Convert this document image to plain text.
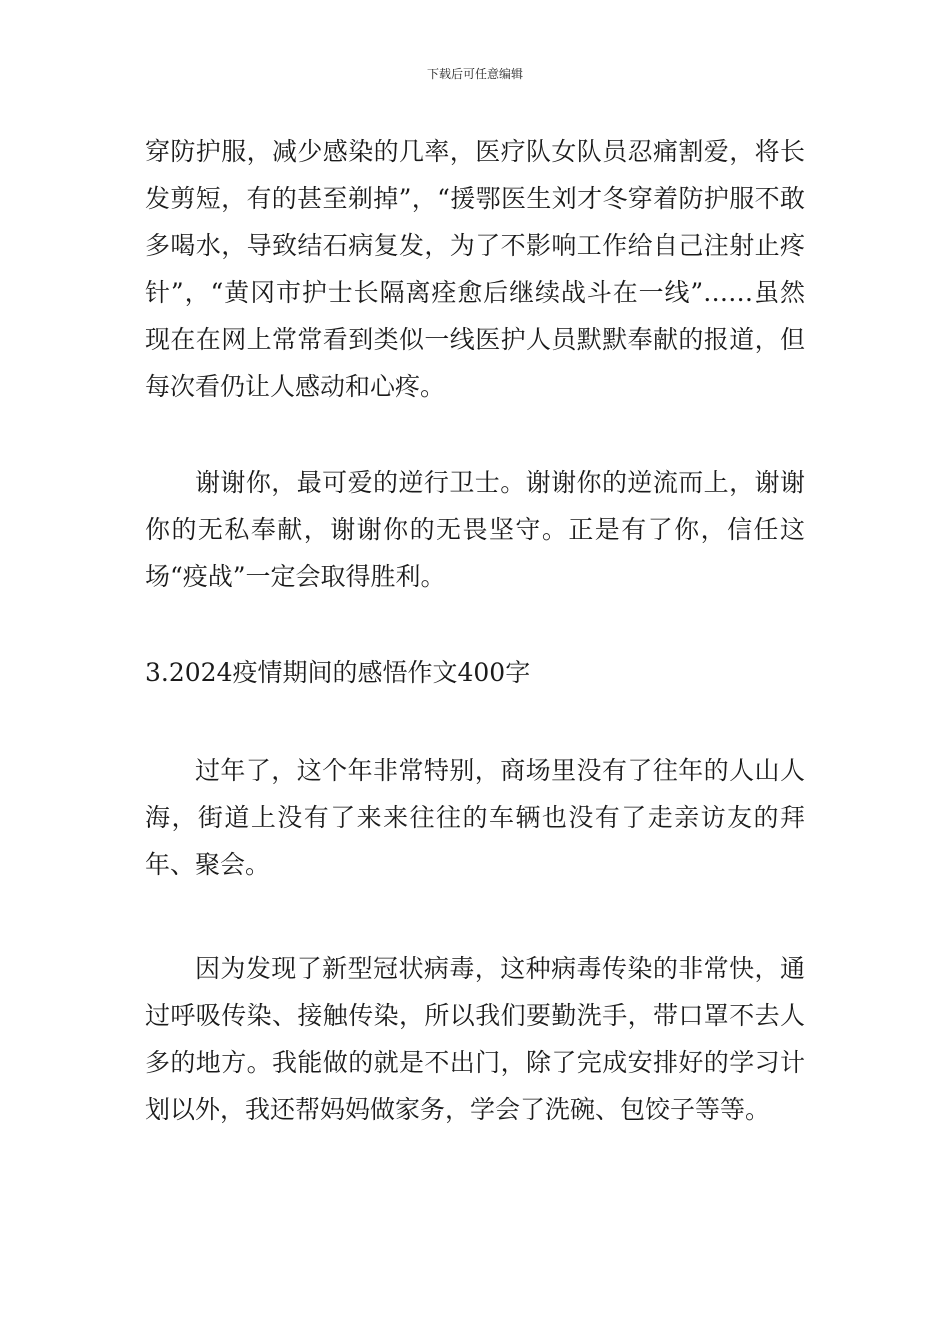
下载后可任意编辑

穿防护服，减少感染的几率，医疗队女队员忍痛割爱，将长发剪短，有的甚至剃掉”，“援鄂医生刘才冬穿着防护服不敢多喝水，导致结石病复发，为了不影响工作给自己注射止疼针”，“黄冈市护士长隔离痊愈后继续战斗在一线”……虽然现在在网上常常看到类似一线医护人员默默奉献的报道，但每次看仍让人感动和心疼。

谢谢你，最可爱的逆行卫士。谢谢你的逆流而上，谢谢你的无私奉献，谢谢你的无畏坚守。正是有了你，信任这场“疫战”一定会取得胜利。

3.2024疫情期间的感悟作文400字

过年了，这个年非常特别，商场里没有了往年的人山人海，街道上没有了来来往往的车辆也没有了走亲访友的拜年、聚会。

因为发现了新型冠状病毒，这种病毒传染的非常快，通过呼吸传染、接触传染，所以我们要勤洗手，带口罩不去人多的地方。我能做的就是不出门，除了完成安排好的学习计划以外，我还帮妈妈做家务，学会了洗碗、包饺子等等。
